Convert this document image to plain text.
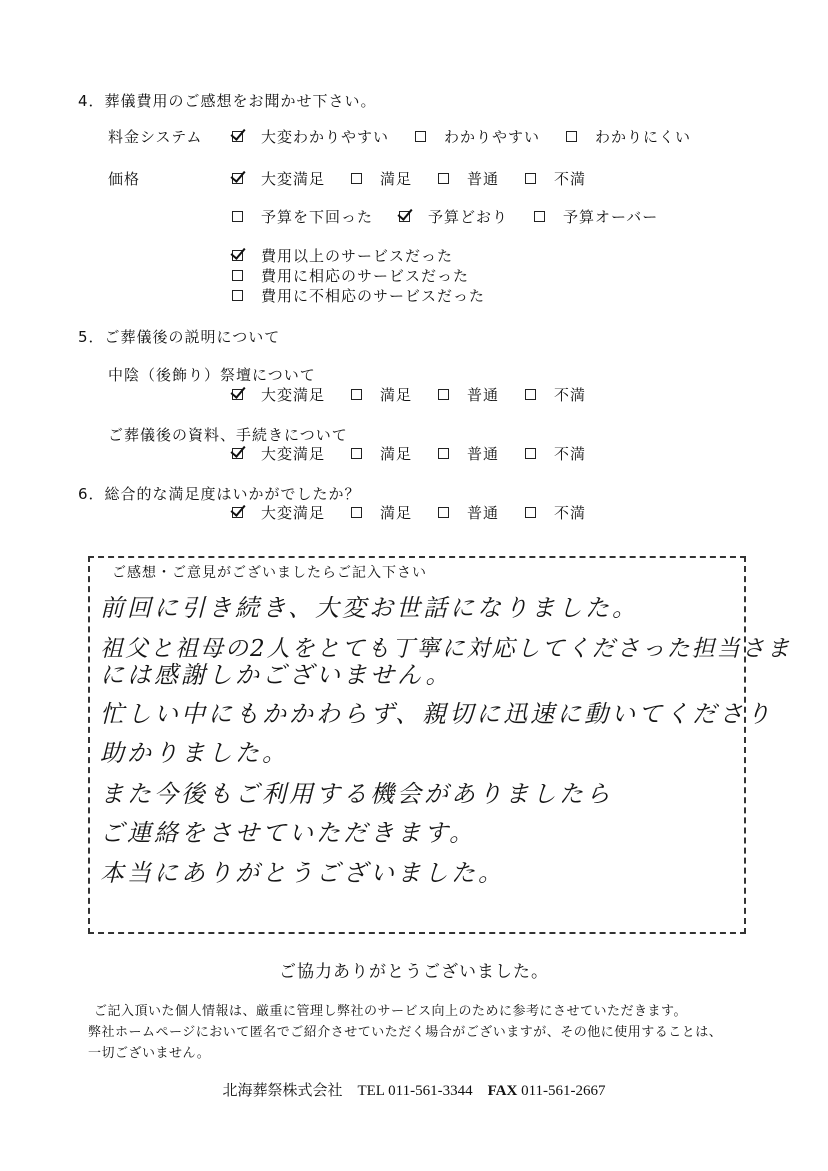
4．葬儀費用のご感想をお聞かせ下さい。
料金システム	大変わかりやすい	わかりやすい	わかりにくい
価格	大変満足	満足	普通	不満
予算を下回った	予算どおり	予算オーバー
費用以上のサービスだった
費用に相応のサービスだった
費用に不相応のサービスだった
5．ご葬儀後の説明について
中陰（後飾り）祭壇について
大変満足	満足	普通	不満
ご葬儀後の資料、手続きについて
大変満足	満足	普通	不満
6．総合的な満足度はいかがでしたか？
大変満足	満足	普通	不満
ご感想・ご意見がございましたらご記入下さい
前回に引き続き、大変お世話になりました。
祖父と祖母の2人をとても丁寧に対応してくださった担当さま
には感謝しかございません。
忙しい中にもかかわらず、親切に迅速に動いてくださり
助かりました。
また今後もご利用する機会がありましたら
ご連絡をさせていただきます。
本当にありがとうございました。
ご協力ありがとうございました。
ご記入頂いた個人情報は、厳重に管理し弊社のサービス向上のために参考にさせていただきます。
弊社ホームページにおいて匿名でご紹介させていただく場合がございますが、その他に使用することは、
一切ございません。
北海葬祭株式会社 TEL 011-561-3344 FAX 011-561-2667
